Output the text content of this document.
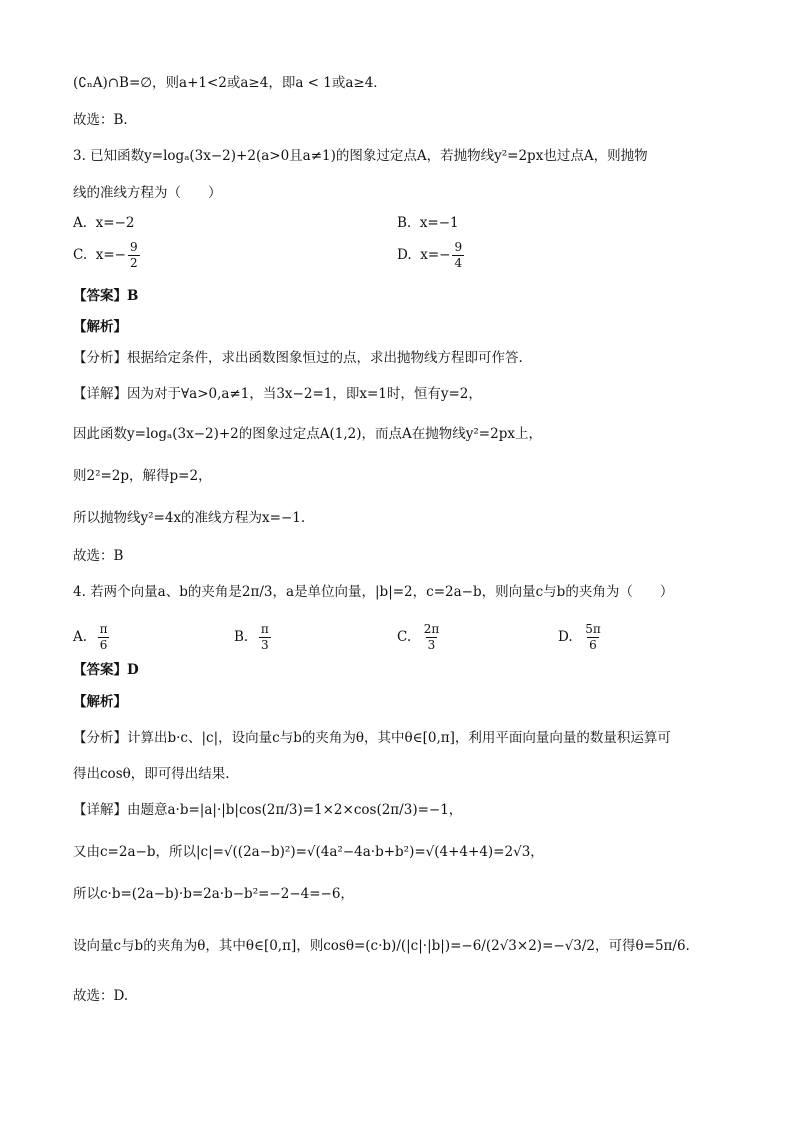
(∁ₙA)∩B=∅，则a+1<2或a≥4，即a < 1或a≥4．
故选：B.
3. 已知函数y=logₐ(3x−2)+2(a>0且a≠1)的图象过定点A，若抛物线y²=2px也过点A，则抛物
线的准线方程为（　　）
A. x=−2	B. x=−1
C. $x=- \frac{9}{2}$	D. $x=- \frac{9}{4}$
【答案】B
【解析】
【分析】根据给定条件，求出函数图象恒过的点，求出抛物线方程即可作答.
【详解】因为对于∀a>0,a≠1，当3x−2=1，即x=1时，恒有y=2，
因此函数y=logₐ(3x−2)+2的图象过定点A(1,2)，而点A在抛物线y²=2px上，
则2²=2p，解得p=2，
所以抛物线y²=4x的准线方程为x=−1.
故选：B
4. 若两个向量a、b的夹角是2π/3，a是单位向量，|b|=2，c=2a−b，则向量c与b的夹角为（　　）
A. $\frac{\pi}{6}$	B. $\frac{\pi}{3}$	C. $\frac{2\pi}{3}$	D. $\frac{5\pi}{6}$
【答案】D
【解析】
【分析】计算出b·c、|c|，设向量c与b的夹角为θ，其中θ∈[0,π]，利用平面向量向量的数量积运算可
得出cosθ，即可得出结果.
【详解】由题意a·b=|a|·|b|cos(2π/3)=1×2×cos(2π/3)=−1，
又由c=2a−b，所以|c|=√((2a−b)²)=√(4a²−4a·b+b²)=√(4+4+4)=2√3，
所以c·b=(2a−b)·b=2a·b−b²=−2−4=−6，
设向量c与b的夹角为θ，其中θ∈[0,π]，则cosθ=(c·b)/(|c|·|b|)=−6/(2√3×2)=−√3/2，可得θ=5π/6.
故选：D.
